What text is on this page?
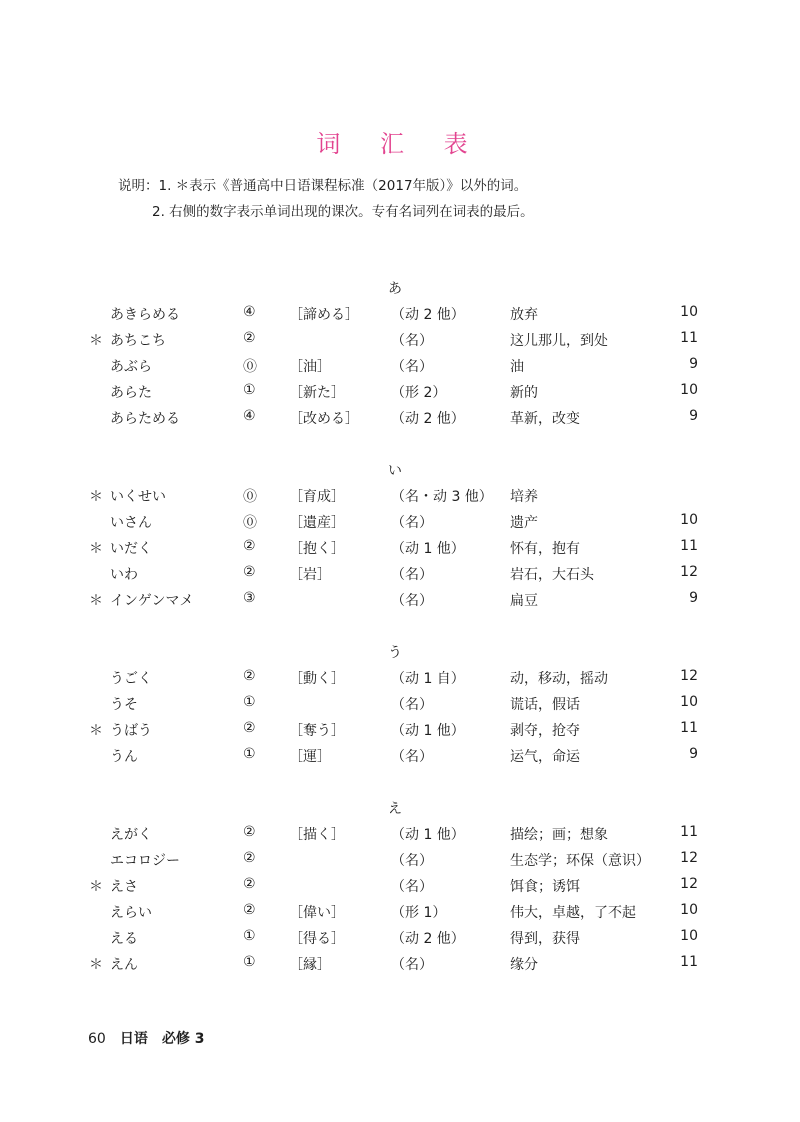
词 汇 表
说明：1. ＊表示《普通高中日语课程标准（2017年版）》以外的词。
2. 右侧的数字表示单词出现的课次。专有名词列在词表的最后。
あ
あきらめる	④ ［諦める］ （动 2 他）	放弃	10
＊ あちこち	②	（名）	这儿那儿，到处	11
あぶら	⓪ ［油］	（名）	油	9
あらた	① ［新た］	（形 2）	新的	10
あらためる	④ ［改める］ （动 2 他）	革新，改变	9
い
＊ いくせい	⓪ ［育成］	（名・动 3 他） 培养
いさん	⓪ ［遺産］	（名）	遗产	10
＊ いだく	② ［抱く］	（动 1 他）	怀有，抱有	11
いわ	② ［岩］	（名）	岩石，大石头	12
＊ インゲンマメ	③	（名）	扁豆	9
う
うごく	② ［動く］	（动 1 自）	动，移动，摇动	12
うそ	①	（名）	谎话，假话	10
＊ うばう	② ［奪う］	（动 1 他）	剥夺，抢夺	11
うん	① ［運］	（名）	运气，命运	9
え
えがく	② ［描く］	（动 1 他）	描绘；画；想象	11
エコロジー	②	（名）	生态学；环保（意识） 12
＊ えさ	②	（名）	饵食；诱饵	12
えらい	② ［偉い］	（形 1）	伟大，卓越，了不起	10
える	① ［得る］	（动 2 他）	得到，获得	10
＊ えん	① ［縁］	（名）	缘分	11
60 日语　必修 3
